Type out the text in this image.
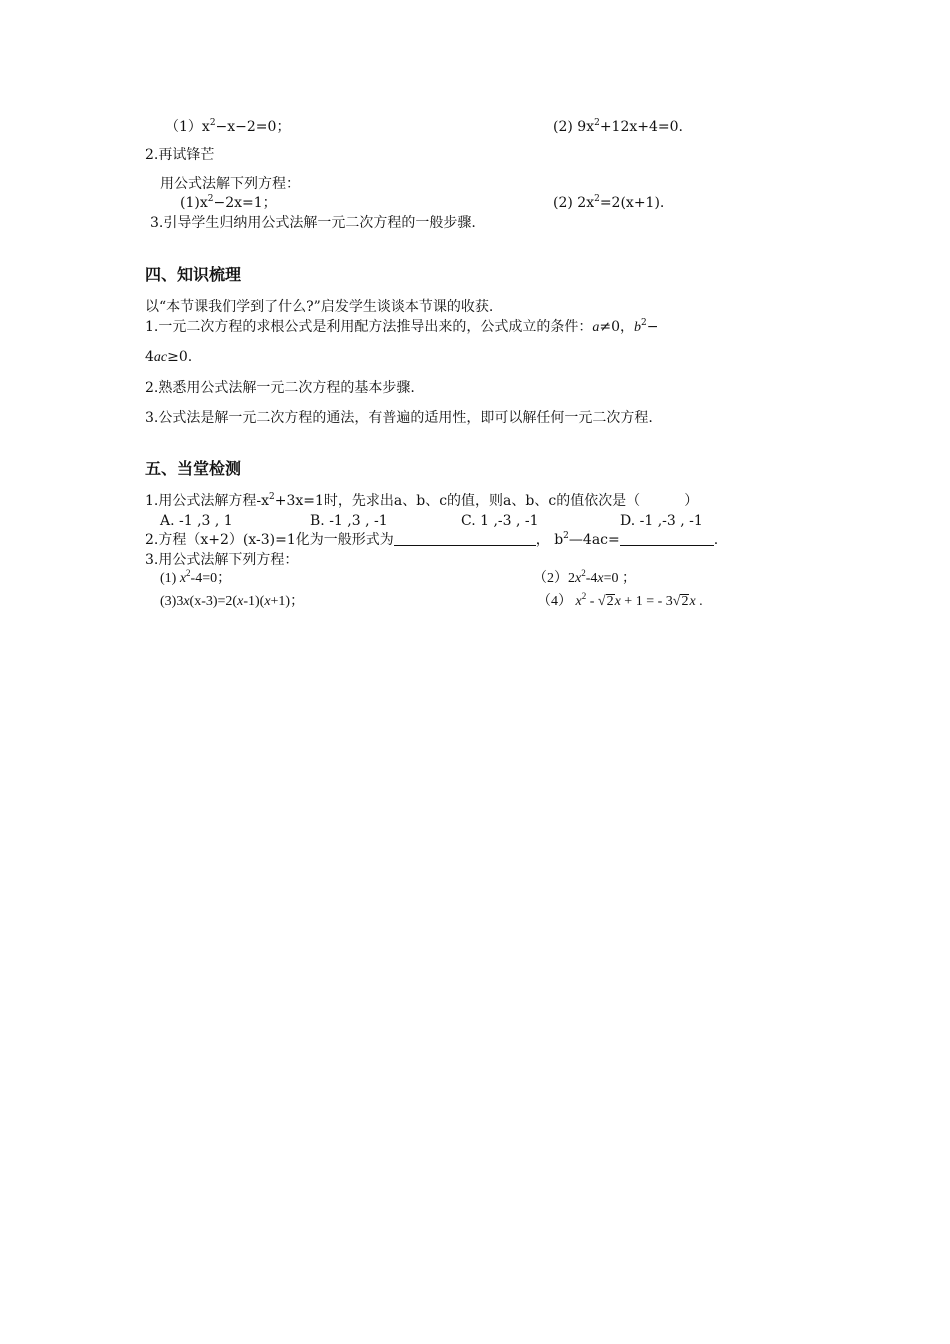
$(1)x^2-x-2=0$；	(2) $9x^2+12x+4=0$.
2.再试锋芒
用公式法解下列方程：
$(1)x^2-2x=1$；	(2) $2x^2=2(x+1)$.
3.引导学生归纳用公式法解一元二次方程的一般步骤.
四、知识梳理
以“本节课我们学到了什么?”启发学生谈谈本节课的收获.
1.一元二次方程的求根公式是利用配方法推导出来的，公式成立的条件：a≠0，$b^2-$
4ac≥0.
2.熟悉用公式法解一元二次方程的基本步骤.
3.公式法是解一元二次方程的通法，有普遍的适用性，即可以解任何一元二次方程.
五、当堂检测
1.用公式法解方程$-x^2+3x=1$时，先求出a、b、c的值，则a、b、c的值依次是（	）
A. -1 ,3 , 1	B. -1 ,3 , -1	C. 1 ,-3 , -1	D. -1 ,-3 , -1
2.方程（x+2）(x-3)=1化为一般形式为	， $b^2—4ac=$	.
3.用公式法解下列方程：
(1) $x^2-4=0$；	$(2)2x^2-4x=0$ ；
(3)3x(x-3)=2(x-1)(x+1)；	（4） $x^2 - √2x + 1$ = - 3√2x .
